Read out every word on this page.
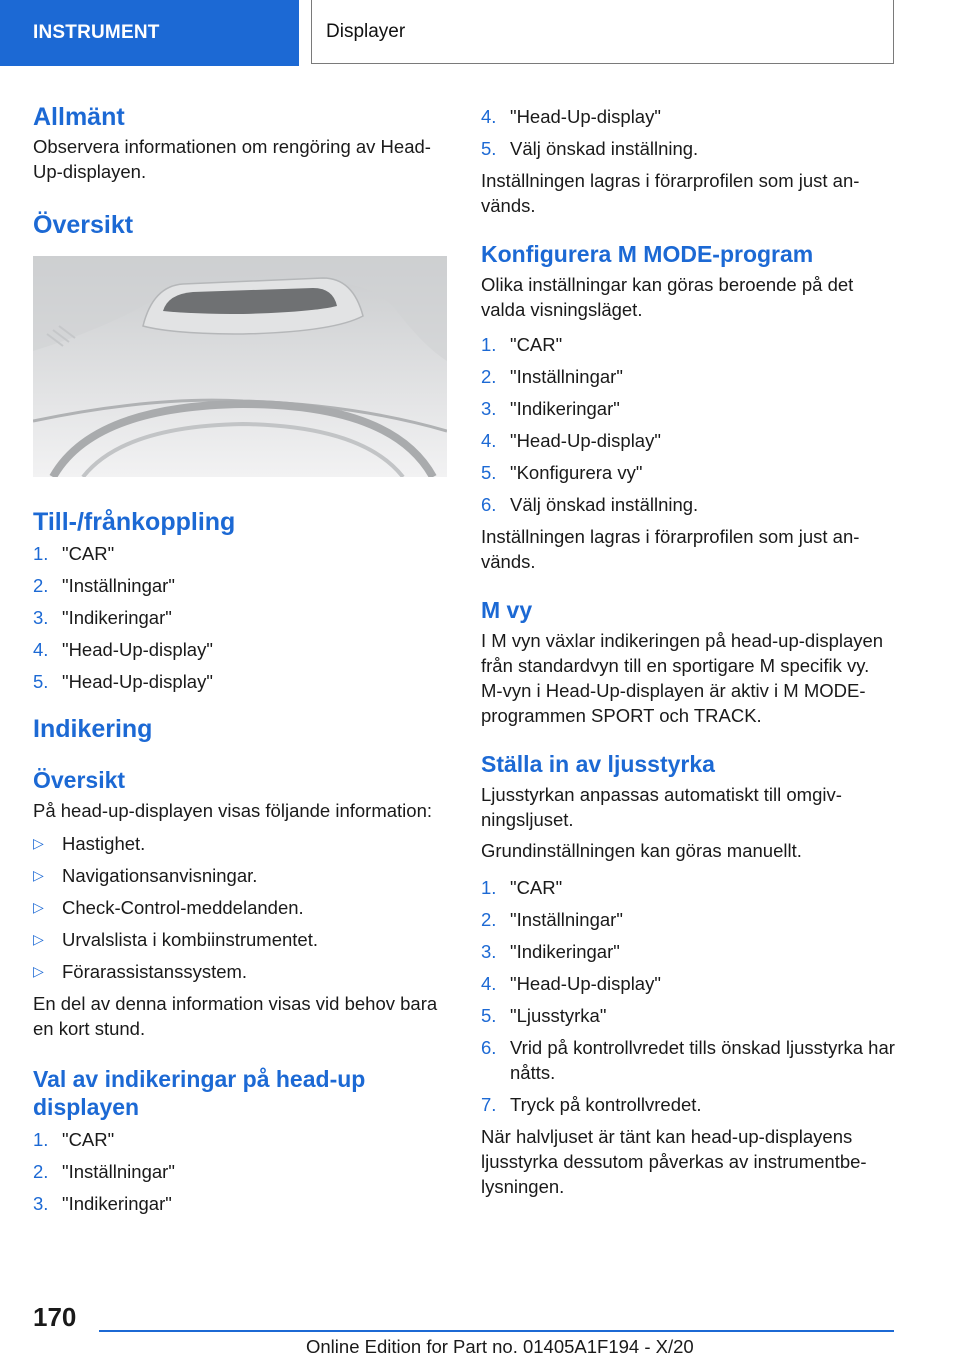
INSTRUMENT	Displayer
Allmänt

Observera informationen om rengöring av Head-Up-displayen.

Översikt
Till-/frånkoppling
1. "CAR"
2. "Inställningar"
3. "Indikeringar"
4. "Head-Up-display"
5. "Head-Up-display"
Indikering
Översikt

På head-up-displayen visas följande information:

▷ Hastighet.
▷ Navigationsanvisningar.
▷ Check-Control-meddelanden.
▷ Urvalslista i kombiinstrumentet.
▷ Förarassistanssystem.

En del av denna information visas vid behov bara en kort stund.

Val av indikeringar på head-up displayen
1. "CAR"
2. "Inställningar"
3. "Indikeringar"
4. "Head-Up-display"
5. Välj önskad inställning.

Inställningen lagras i förarprofilen som just används.

Konfigurera M MODE-program

Olika inställningar kan göras beroende på det valda visningsläget.

1. "CAR"
2. "Inställningar"
3. "Indikeringar"
4. "Head-Up-display"
5. "Konfigurera vy"
6. Välj önskad inställning.

Inställningen lagras i förarprofilen som just används.

M vy

I M vyn växlar indikeringen på head-up-displayen från standardvyn till en sportigare M specifik vy.

M-vyn i Head-Up-displayen är aktiv i M MODE-programmen SPORT och TRACK.

Ställa in av ljusstyrka

Ljusstyrkan anpassas automatiskt till omgivningsljuset.

Grundinställningen kan göras manuellt.

1. "CAR"
2. "Inställningar"
3. "Indikeringar"
4. "Head-Up-display"
5. "Ljusstyrka"
6. Vrid på kontrollvredet tills önskad ljusstyrka har nåtts.
7. Tryck på kontrollvredet.

När halvljuset är tänt kan head-up-displayens ljusstyrka dessutom påverkas av instrumentbelysningen.

170
Online Edition for Part no. 01405A1F194 - X/20
